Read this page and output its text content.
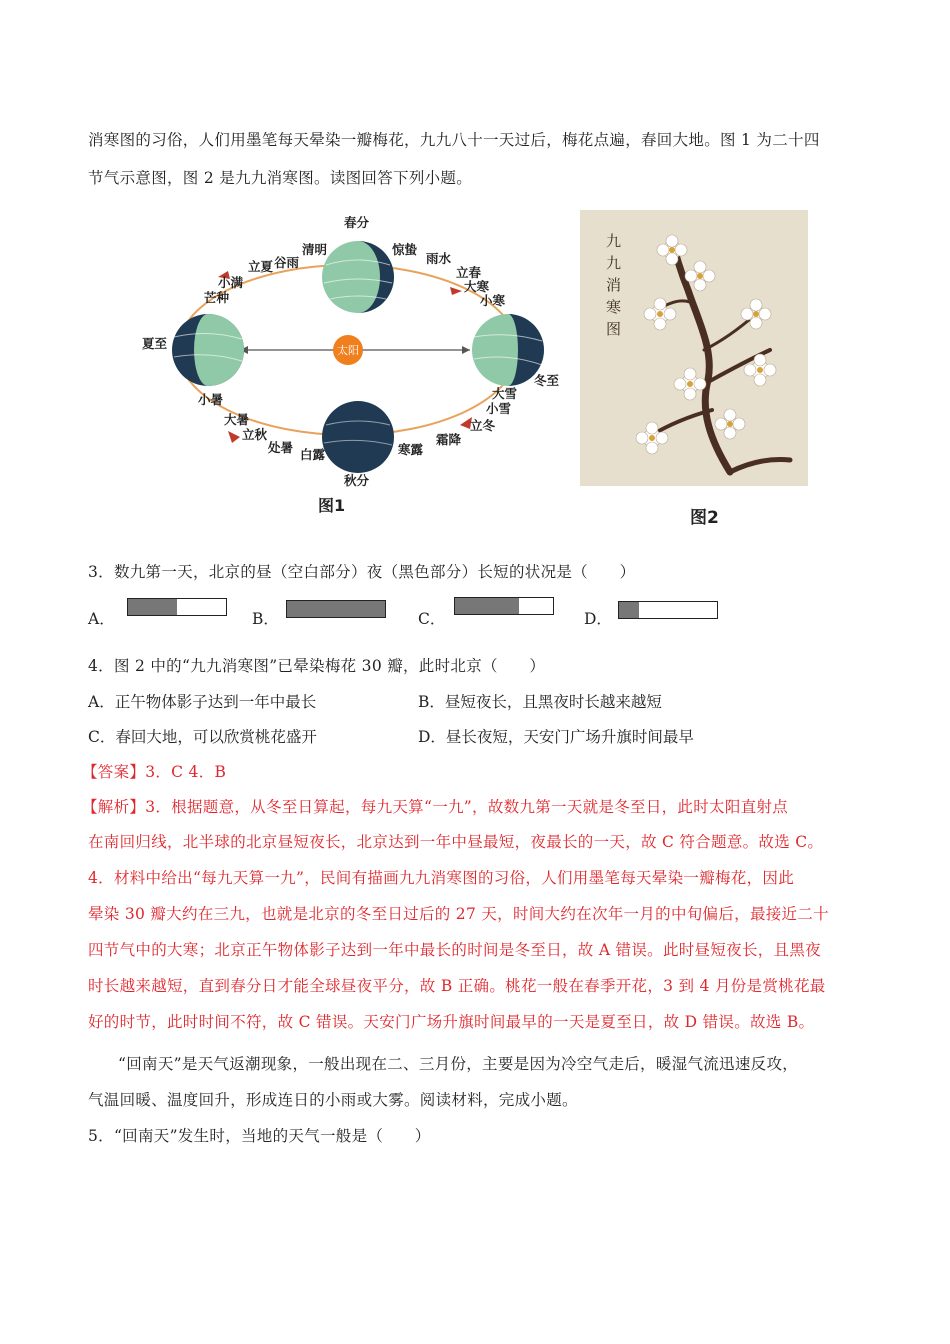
消寒图的习俗，人们用墨笔每天晕染一瓣梅花，九九八十一天过后，梅花点遍，春回大地。图 1 为二十四
节气示意图，图 2 是九九消寒图。读图回答下列小题。
太阳
春分
清明	惊蛰
雨水
立夏 谷雨
小满
立春
大寒
小寒
芒种
夏至
冬至
小暑	大雪
小雪
大暑
立秋
立冬
处暑 白露	寒露
霜降
秋分
图1
九
九
消
寒
图
图2
3．数九第一天，北京的昼（空白部分）夜（黑色部分）长短的状况是（　　）
A．	B．	C．	D．
4．图 2 中的“九九消寒图”已晕染梅花 30 瓣，此时北京（　　）
A．正午物体影子达到一年中最长	B．昼短夜长，且黑夜时长越来越短
C．春回大地，可以欣赏桃花盛开	D．昼长夜短，天安门广场升旗时间最早
【答案】3．C 4．B
【解析】3．根据题意，从冬至日算起，每九天算“一九”，故数九第一天就是冬至日，此时太阳直射点
在南回归线，北半球的北京昼短夜长，北京达到一年中昼最短，夜最长的一天，故 C 符合题意。故选 C。
4．材料中给出“每九天算一九”，民间有描画九九消寒图的习俗，人们用墨笔每天晕染一瓣梅花，因此
晕染 30 瓣大约在三九，也就是北京的冬至日过后的 27 天，时间大约在次年一月的中旬偏后，最接近二十
四节气中的大寒；北京正午物体影子达到一年中最长的时间是冬至日，故 A 错误。此时昼短夜长，且黑夜
时长越来越短，直到春分日才能全球昼夜平分，故 B 正确。桃花一般在春季开花，3 到 4 月份是赏桃花最
好的时节，此时时间不符，故 C 错误。天安门广场升旗时间最早的一天是夏至日，故 D 错误。故选 B。
“回南天”是天气返潮现象，一般出现在二、三月份，主要是因为冷空气走后，暖湿气流迅速反攻，
气温回暖、温度回升，形成连日的小雨或大雾。阅读材料，完成小题。
5．“回南天”发生时，当地的天气一般是（　　）
